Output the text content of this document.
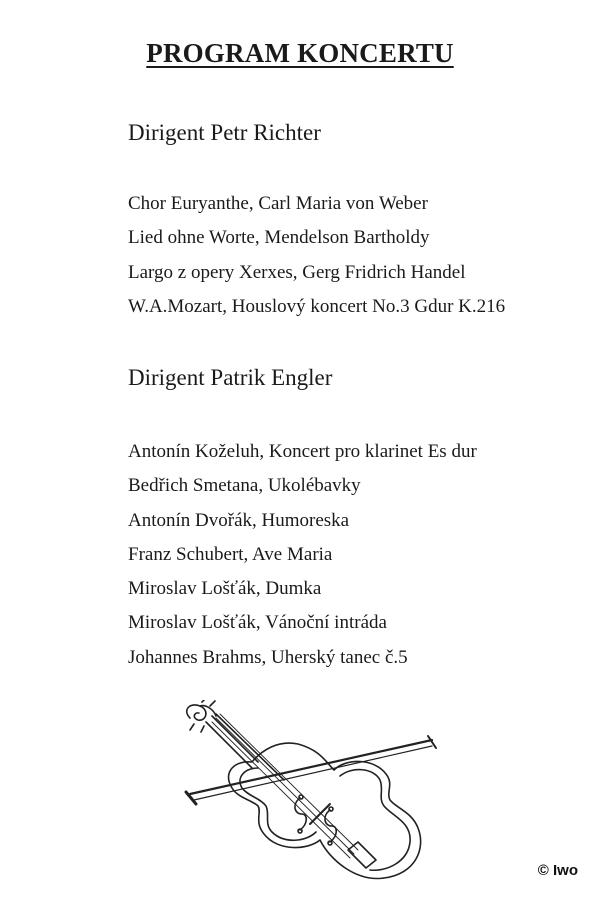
PROGRAM KONCERTU
Dirigent Petr Richter
Chor Euryanthe, Carl Maria von Weber
Lied ohne Worte, Mendelson Bartholdy
Largo z opery Xerxes, Gerg Fridrich Handel
W.A.Mozart, Houslový koncert No.3 Gdur K.216
Dirigent Patrik Engler
Antonín Koželuh, Koncert pro klarinet Es dur
Bedřich Smetana, Ukolébavky
Antonín Dvořák, Humoreska
Franz Schubert, Ave Maria
Miroslav Lošťák, Dumka
Miroslav Lošťák, Vánoční intráda
Johannes Brahms, Uherský tanec č.5
© Iwo
